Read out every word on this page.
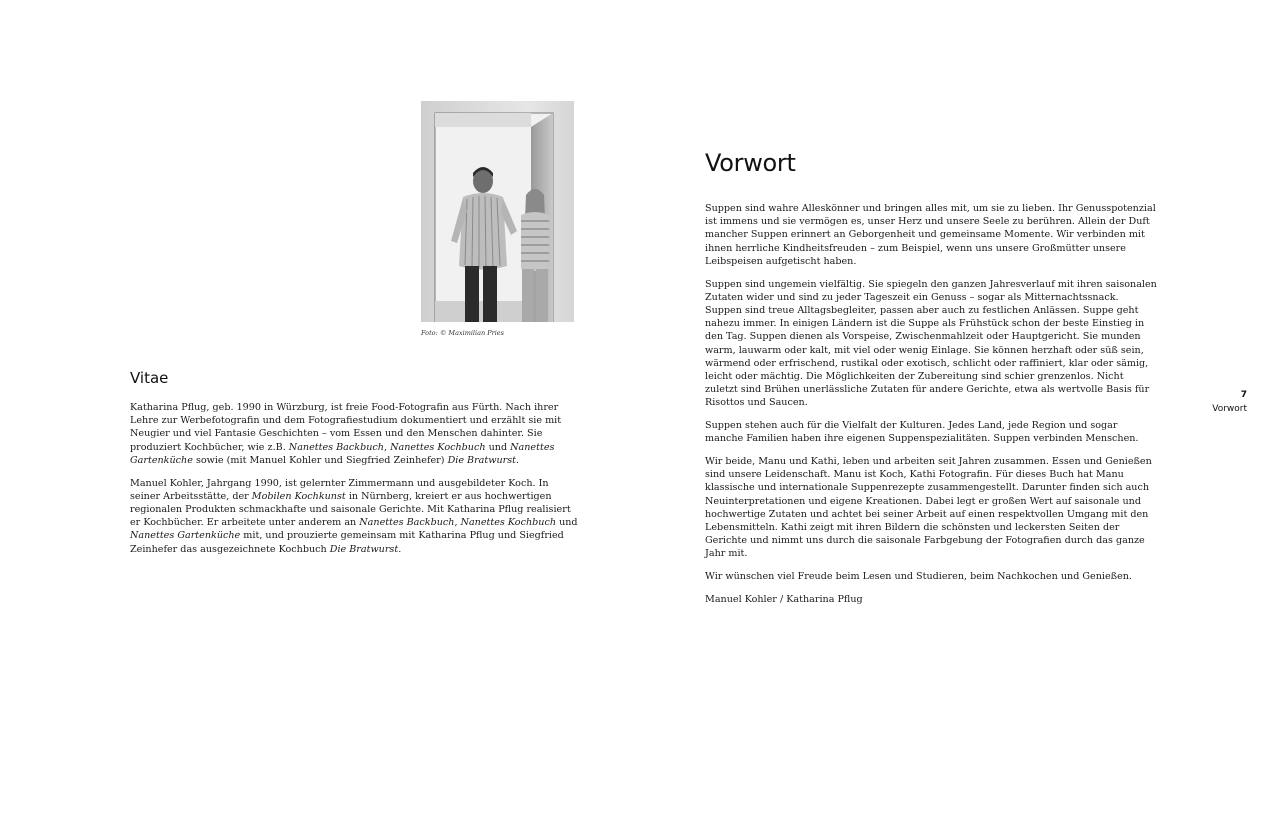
Foto: © Maximilian Pries
Vitae

Katharina Pflug, geb. 1990 in Würzburg, ist freie Food-Fotografin aus Fürth. Nach ihrer Lehre zur Werbefotografin und dem Fotografiestudium dokumentiert und erzählt sie mit Neugier und viel Fantasie Geschichten – vom Essen und den Menschen dahinter. Sie produziert Kochbücher, wie z.B. Nanettes Backbuch, Nanettes Kochbuch und Nanettes Gartenküche sowie (mit Manuel Kohler und Siegfried Zeinhefer) Die Bratwurst.

Manuel Kohler, Jahrgang 1990, ist gelernter Zimmermann und ausgebildeter Koch. In seiner Arbeitsstätte, der Mobilen Kochkunst in Nürnberg, kreiert er aus hochwertigen regionalen Produkten schmackhafte und saisonale Gerichte. Mit Katharina Pflug realisiert er Kochbücher. Er arbeitete unter anderem an Nanettes Backbuch, Nanettes Kochbuch und Nanettes Gartenküche mit, und prouzierte gemeinsam mit Katharina Pflug und Siegfried Zeinhefer das ausgezeichnete Kochbuch Die Bratwurst.

Vorwort

Suppen sind wahre Alleskönner und bringen alles mit, um sie zu lieben. Ihr Genusspotenzial ist immens und sie vermögen es, unser Herz und unsere Seele zu berühren. Allein der Duft mancher Suppen erinnert an Geborgenheit und gemeinsame Momente. Wir verbinden mit ihnen herrliche Kindheitsfreuden – zum Beispiel, wenn uns unsere Großmütter unsere Leibspeisen aufgetischt haben.

Suppen sind ungemein vielfältig. Sie spiegeln den ganzen Jahresverlauf mit ihren saisonalen Zutaten wider und sind zu jeder Tageszeit ein Genuss – sogar als Mitternachtssnack. Suppen sind treue Alltagsbegleiter, passen aber auch zu festlichen Anlässen. Suppe geht nahezu immer. In einigen Ländern ist die Suppe als Frühstück schon der beste Einstieg in den Tag. Suppen dienen als Vorspeise, Zwischenmahlzeit oder Hauptgericht. Sie munden warm, lauwarm oder kalt, mit viel oder wenig Einlage. Sie können herzhaft oder süß sein, wärmend oder erfrischend, rustikal oder exotisch, schlicht oder raffiniert, klar oder sämig, leicht oder mächtig. Die Möglichkeiten der Zubereitung sind schier grenzenlos. Nicht zuletzt sind Brühen unerlässliche Zutaten für andere Gerichte, etwa als wertvolle Basis für Risottos und Saucen.

Suppen stehen auch für die Vielfalt der Kulturen. Jedes Land, jede Region und sogar manche Familien haben ihre eigenen Suppenspezialitäten. Suppen verbinden Menschen.

Wir beide, Manu und Kathi, leben und arbeiten seit Jahren zusammen. Essen und Genießen sind unsere Leidenschaft. Manu ist Koch, Kathi Fotografin. Für dieses Buch hat Manu klassische und internationale Suppenrezepte zusammengestellt. Darunter finden sich auch Neuinterpretationen und eigene Kreationen. Dabei legt er großen Wert auf saisonale und hochwertige Zutaten und achtet bei seiner Arbeit auf einen respektvollen Umgang mit den Lebensmitteln. Kathi zeigt mit ihren Bildern die schönsten und leckersten Seiten der Gerichte und nimmt uns durch die saisonale Farbgebung der Fotografien durch das ganze Jahr mit.

Wir wünschen viel Freude beim Lesen und Studieren, beim Nachkochen und Genießen.

Manuel Kohler / Katharina Pflug

7
Vorwort
